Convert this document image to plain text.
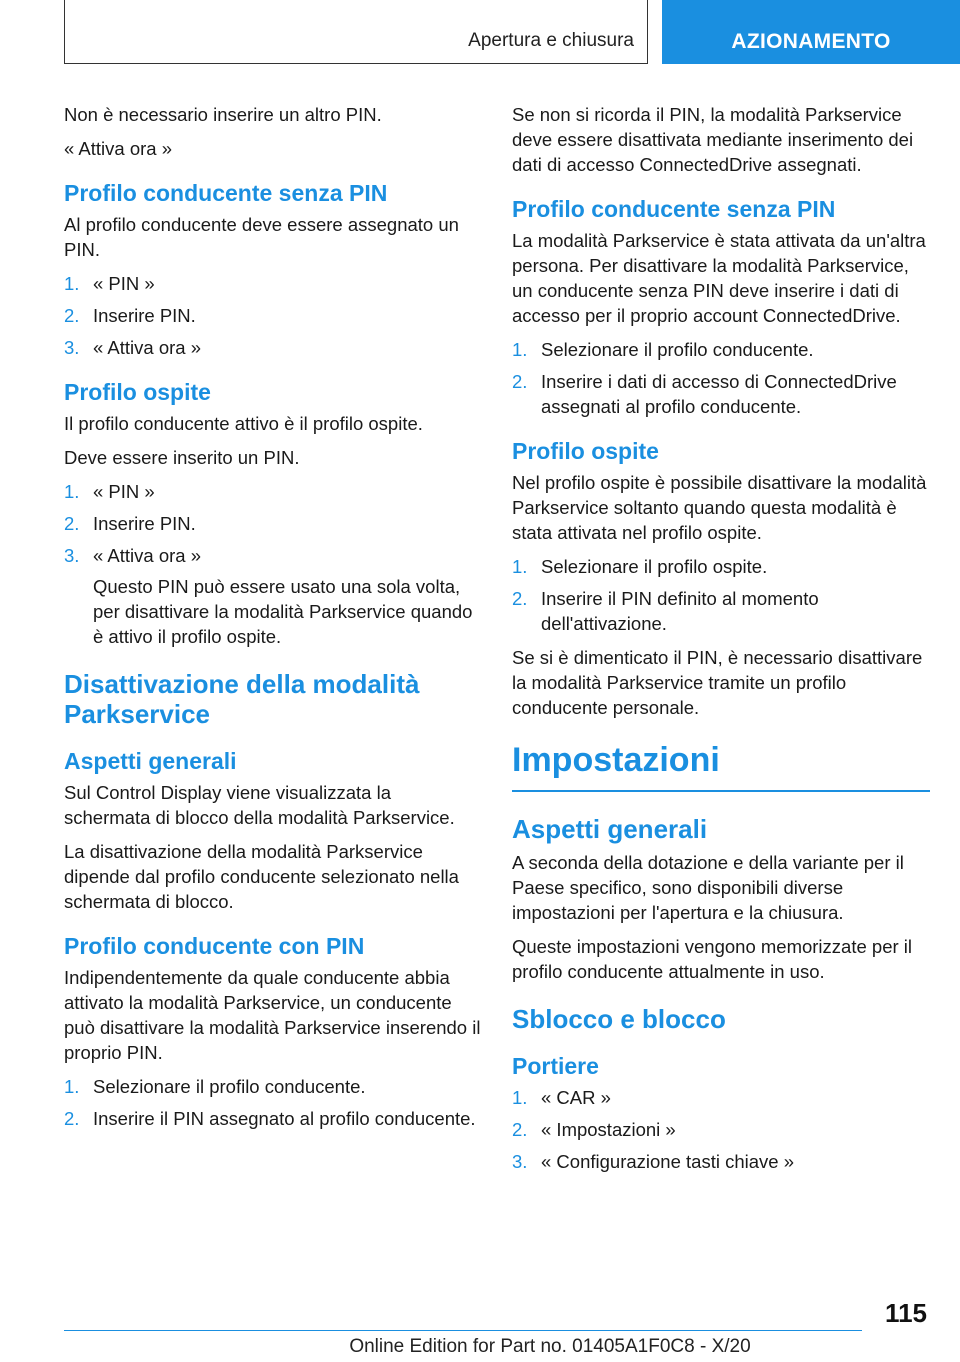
Apertura e chiusura	AZIONAMENTO

Non è necessario inserire un altro PIN.

« Attiva ora »

Profilo conducente senza PIN

Al profilo conducente deve essere assegnato un PIN.

1. « PIN »
2. Inserire PIN.
3. « Attiva ora »
Profilo ospite

Il profilo conducente attivo è il profilo ospite.

Deve essere inserito un PIN.

1. « PIN »
2. Inserire PIN.
3. « Attiva ora »
Questo PIN può essere usato una sola volta, per disattivare la modalità Parkservice quando è attivo il profilo ospite.
Disattivazione della modalità Parkservice
Aspetti generali

Sul Control Display viene visualizzata la schermata di blocco della modalità Parkservice.

La disattivazione della modalità Parkservice dipende dal profilo conducente selezionato nella schermata di blocco.

Profilo conducente con PIN

Indipendentemente da quale conducente abbia attivato la modalità Parkservice, un conducente può disattivare la modalità Parkservice inserendo il proprio PIN.

1. Selezionare il profilo conducente.
2. Inserire il PIN assegnato al profilo conducente.

Se non si ricorda il PIN, la modalità Parkservice deve essere disattivata mediante inserimento dei dati di accesso ConnectedDrive assegnati.

Profilo conducente senza PIN

La modalità Parkservice è stata attivata da un'altra persona. Per disattivare la modalità Parkservice, un conducente senza PIN deve inserire i dati di accesso per il proprio account ConnectedDrive.

1. Selezionare il profilo conducente.
2. Inserire i dati di accesso di ConnectedDrive assegnati al profilo conducente.
Profilo ospite

Nel profilo ospite è possibile disattivare la modalità Parkservice soltanto quando questa modalità è stata attivata nel profilo ospite.

1. Selezionare il profilo ospite.
2. Inserire il PIN definito al momento dell'attivazione.

Se si è dimenticato il PIN, è necessario disattivare la modalità Parkservice tramite un profilo conducente personale.

Impostazioni
Aspetti generali

A seconda della dotazione e della variante per il Paese specifico, sono disponibili diverse impostazioni per l'apertura e la chiusura.

Queste impostazioni vengono memorizzate per il profilo conducente attualmente in uso.

Sblocco e blocco
Portiere
1. « CAR »
2. « Impostazioni »
3. « Configurazione tasti chiave »
115
Online Edition for Part no. 01405A1F0C8 - X/20
